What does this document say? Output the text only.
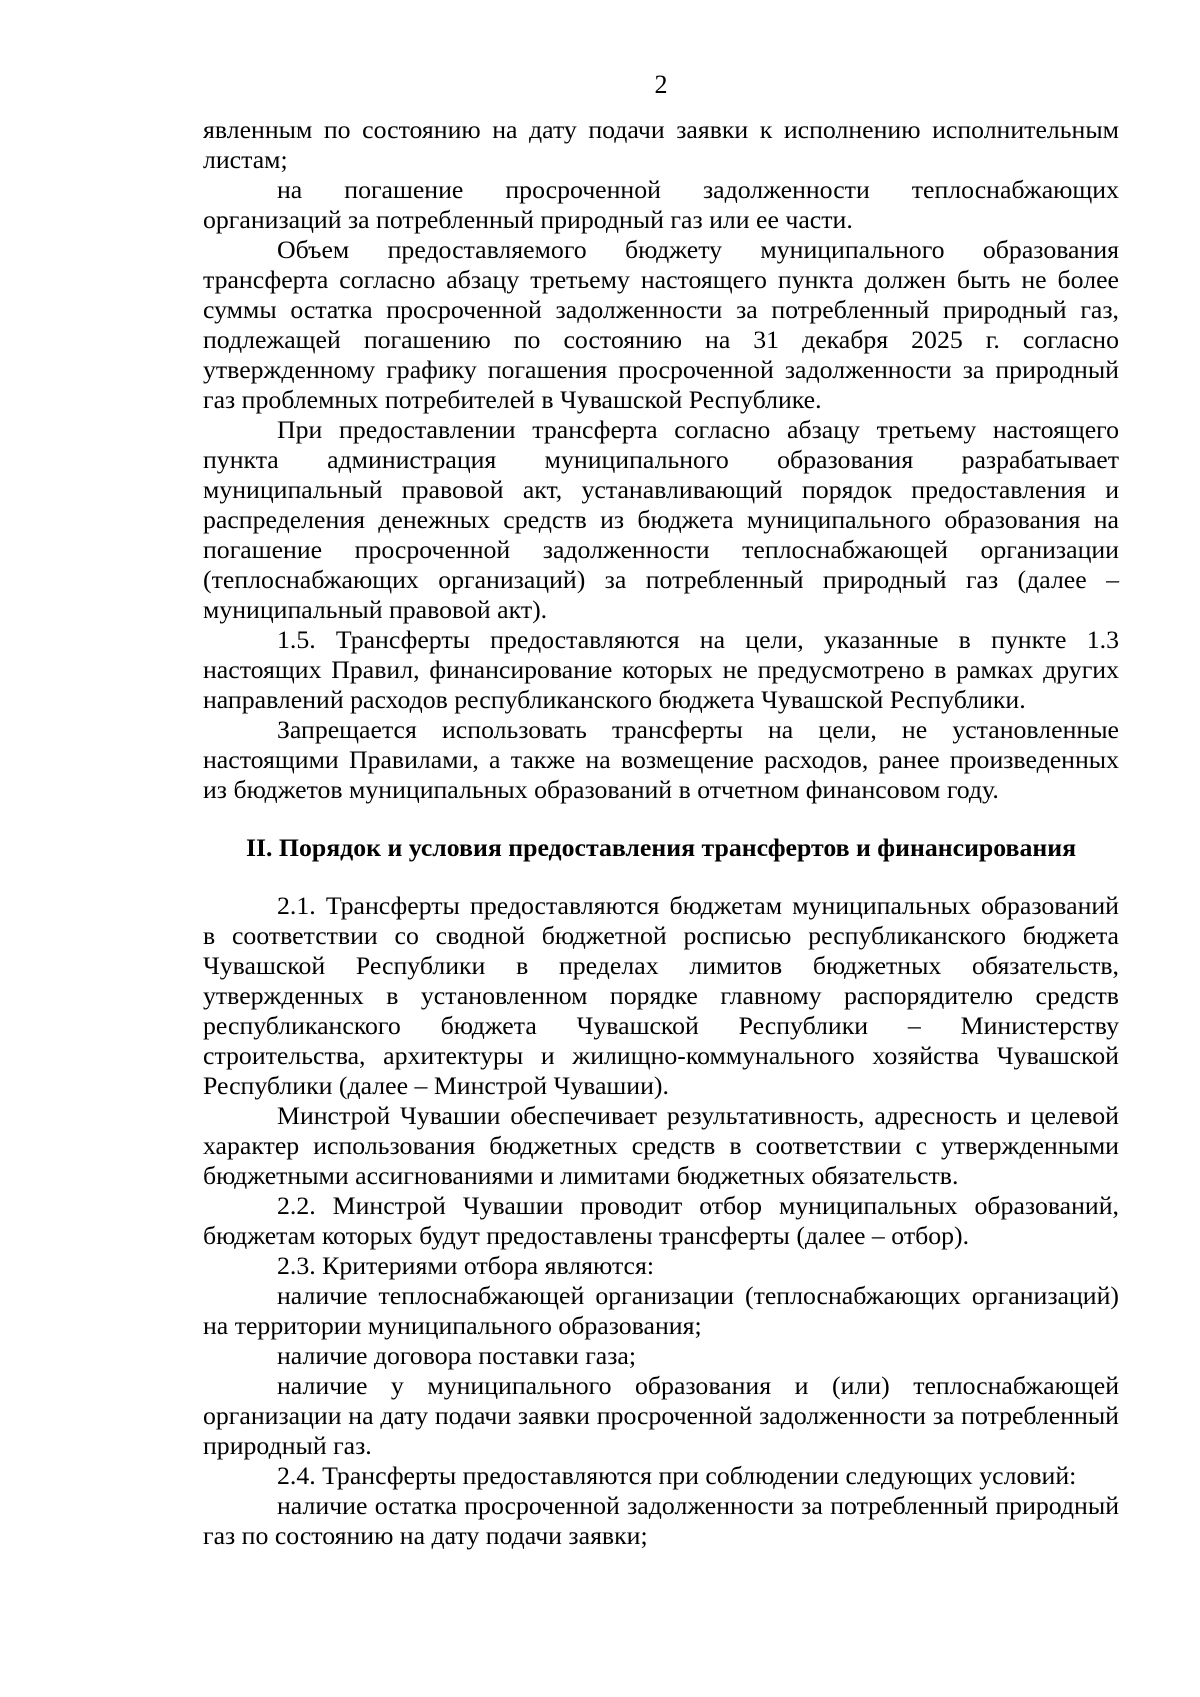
2

явленным по состоянию на дату подачи заявки к исполнению исполнительным листам;

на погашение просроченной задолженности теплоснабжающих организаций за потребленный природный газ или ее части.

Объем предоставляемого бюджету муниципального образования трансферта согласно абзацу третьему настоящего пункта должен быть не более суммы остатка просроченной задолженности за потребленный природный газ, подлежащей погашению по состоянию на 31 декабря 2025 г. согласно утвержденному графику погашения просроченной задолженности за природный газ проблемных потребителей в Чувашской Республике.

При предоставлении трансферта согласно абзацу третьему настоящего пункта администрация муниципального образования разрабатывает муниципальный правовой акт, устанавливающий порядок предоставления и распределения денежных средств из бюджета муниципального образования на погашение просроченной задолженности теплоснабжающей организации (теплоснабжающих организаций) за потребленный природный газ (далее – муниципальный правовой акт).

1.5. Трансферты предоставляются на цели, указанные в пункте 1.3 настоящих Правил, финансирование которых не предусмотрено в рамках других направлений расходов республиканского бюджета Чувашской Республики.

Запрещается использовать трансферты на цели, не установленные настоящими Правилами, а также на возмещение расходов, ранее произведенных из бюджетов муниципальных образований в отчетном финансовом году.

II. Порядок и условия предоставления трансфертов и финансирования

2.1. Трансферты предоставляются бюджетам муниципальных образований в соответствии со сводной бюджетной росписью республиканского бюджета Чувашской Республики в пределах лимитов бюджетных обязательств, утвержденных в установленном порядке главному распорядителю средств республиканского бюджета Чувашской Республики – Министерству строительства, архитектуры и жилищно-коммунального хозяйства Чувашской Республики (далее – Минстрой Чувашии).

Минстрой Чувашии обеспечивает результативность, адресность и целевой характер использования бюджетных средств в соответствии с утвержденными бюджетными ассигнованиями и лимитами бюджетных обязательств.

2.2. Минстрой Чувашии проводит отбор муниципальных образований, бюджетам которых будут предоставлены трансферты (далее – отбор).

2.3. Критериями отбора являются:

наличие теплоснабжающей организации (теплоснабжающих организаций) на территории муниципального образования;

наличие договора поставки газа;

наличие у муниципального образования и (или) теплоснабжающей организации на дату подачи заявки просроченной задолженности за потребленный природный газ.

2.4. Трансферты предоставляются при соблюдении следующих условий:

наличие остатка просроченной задолженности за потребленный природный газ по состоянию на дату подачи заявки;
